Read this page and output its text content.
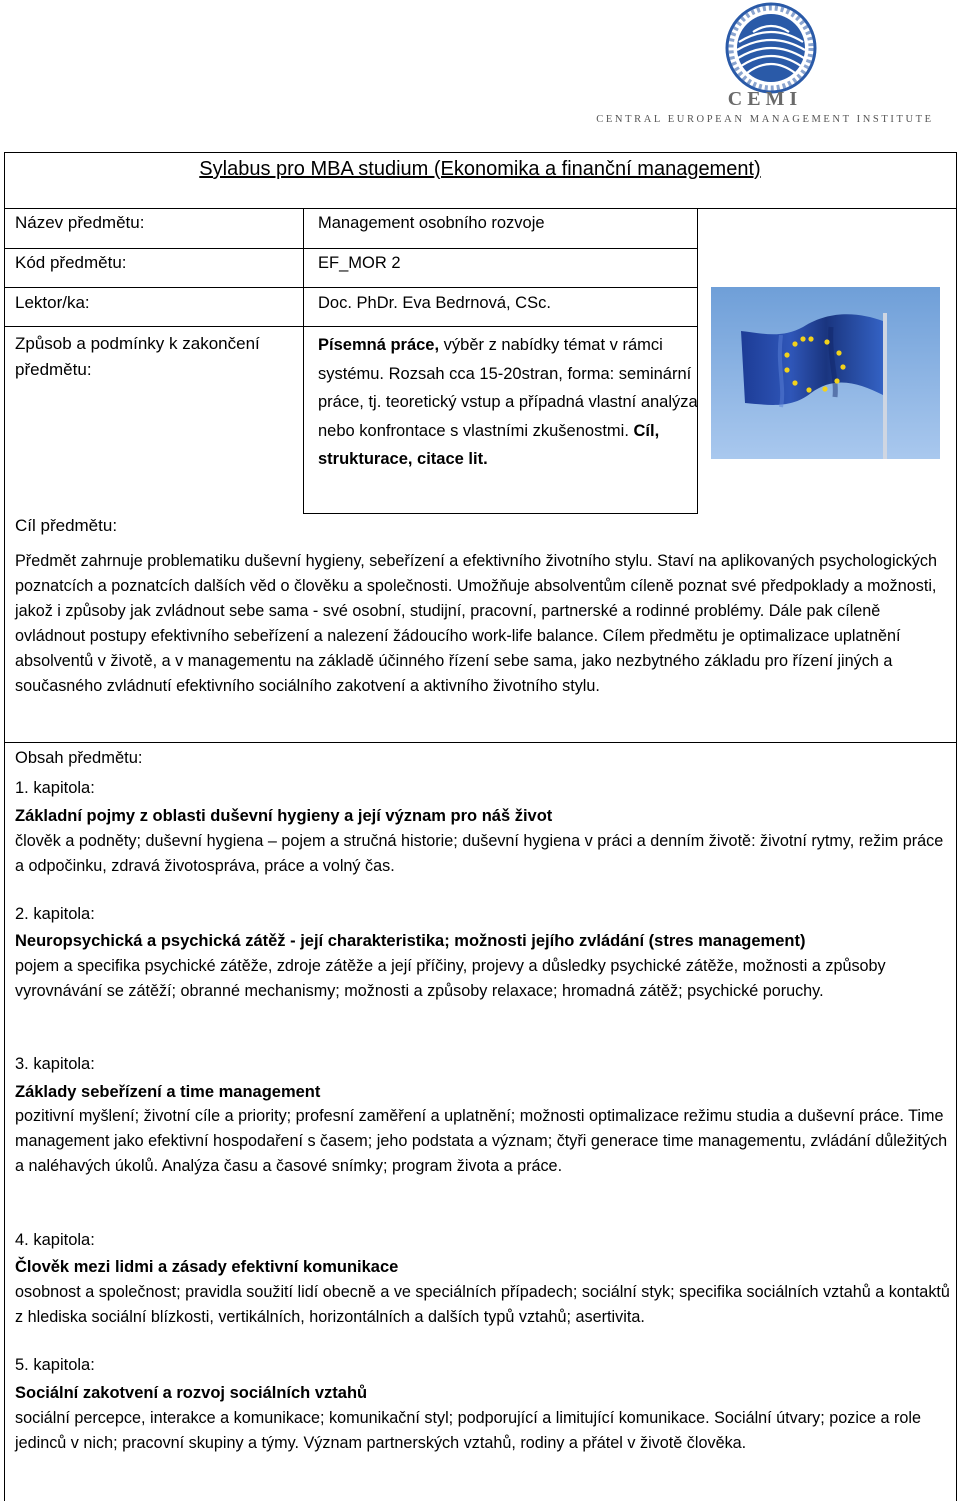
CEMI
CENTRAL EUROPEAN MANAGEMENT INSTITUTE
Sylabus pro MBA studium (Ekonomika a finanční management)
Název předmětu:	Management osobního rozvoje
Kód předmětu:	EF_MOR 2
Lektor/ka:	Doc. PhDr. Eva Bedrnová, CSc.
Způsob a podmínky k zakončení
předmětu:
Písemná práce, výběr z nabídky témat v rámci systému. Rozsah cca 15-20stran, forma: seminární práce, tj. teoretický vstup a případná vlastní analýza nebo konfrontace s vlastními zkušenostmi. Cíl, strukturace, citace lit.
Cíl předmětu:
Předmět zahrnuje problematiku duševní hygieny, sebeřízení a efektivního životního stylu. Staví na aplikovaných psychologických poznatcích a poznatcích dalších věd o člověku a společnosti. Umožňuje absolventům cíleně poznat své předpoklady a možnosti, jakož i způsoby jak zvládnout sebe sama - své osobní, studijní, pracovní, partnerské a rodinné problémy. Dále pak cíleně ovládnout postupy efektivního sebeřízení a nalezení žádoucího work-life balance. Cílem předmětu je optimalizace uplatnění absolventů v životě, a v managementu na základě účinného řízení sebe sama, jako nezbytného základu pro řízení jiných a současného zvládnutí efektivního sociálního zakotvení a aktivního životního stylu.
Obsah předmětu:
1. kapitola:
Základní pojmy z oblasti duševní hygieny a její význam pro náš život
člověk a podněty; duševní hygiena – pojem a stručná historie; duševní hygiena v práci a denním životě: životní rytmy, režim práce a odpočinku, zdravá životospráva, práce a volný čas.
2. kapitola:
Neuropsychická a psychická zátěž - její charakteristika; možnosti jejího zvládání (stres management)
pojem a specifika psychické zátěže, zdroje zátěže a její příčiny, projevy a důsledky psychické zátěže, možnosti a způsoby vyrovnávání se zátěží; obranné mechanismy; možnosti a způsoby relaxace; hromadná zátěž; psychické poruchy.
3. kapitola:
Základy sebeřízení a time management
pozitivní myšlení; životní cíle a priority; profesní zaměření a uplatnění; možnosti optimalizace režimu studia a duševní práce. Time management jako efektivní hospodaření s časem; jeho podstata a význam; čtyři generace time managementu, zvládání důležitých a naléhavých úkolů. Analýza času a časové snímky; program života a práce.
4. kapitola:
Člověk mezi lidmi a zásady efektivní komunikace
osobnost a společnost; pravidla soužití lidí obecně a ve speciálních případech; sociální styk; specifika sociálních vztahů a kontaktů z hlediska sociální blízkosti, vertikálních, horizontálních a dalších typů vztahů; asertivita.
5. kapitola:
Sociální zakotvení a rozvoj sociálních vztahů
sociální percepce, interakce a komunikace; komunikační styl; podporující a limitující komunikace. Sociální útvary; pozice a role jedinců v nich; pracovní skupiny a týmy. Význam partnerských vztahů, rodiny a přátel v životě člověka.
